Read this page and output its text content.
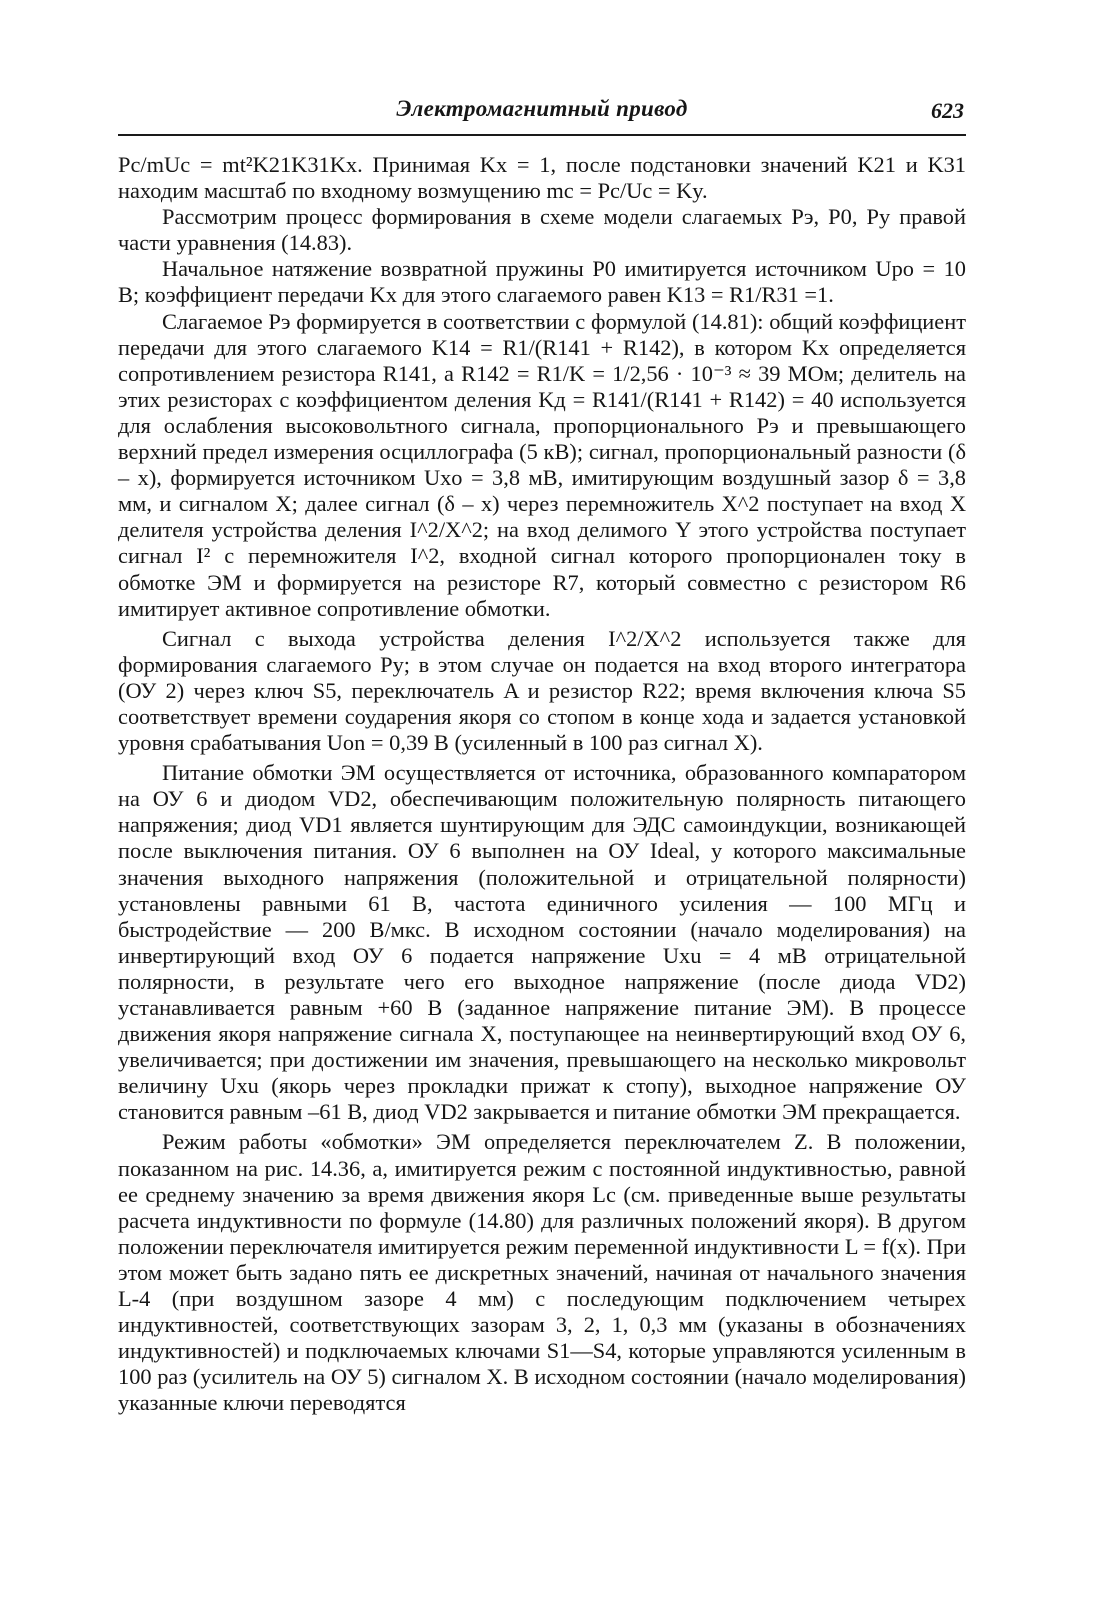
Электромагнитный привод	623

Pc/mUc = mt²K21K31Kx. Принимая Kx = 1, после подстановки значений K21 и K31 находим масштаб по входному возмущению mc = Pc/Uc = Ky.

Рассмотрим процесс формирования в схеме модели слагаемых Pэ, P0, Py правой части уравнения (14.83).

Начальное натяжение возвратной пружины P0 имитируется источником Upo = 10 В; коэффициент передачи Kx для этого слагаемого равен K13 = R1/R31 =1.

Слагаемое Pэ формируется в соответствии с формулой (14.81): общий коэффициент передачи для этого слагаемого K14 = R1/(R141 + R142), в котором Kx определяется сопротивлением резистора R141, а R142 = R1/K = 1/2,56 · 10⁻³ ≈ 39 МОм; делитель на этих резисторах с коэффициентом деления Kд = R141/(R141 + R142) = 40 используется для ослабления высоковольтного сигнала, пропорционального Pэ и превышающего верхний предел измерения осциллографа (5 кВ); сигнал, пропорциональный разности (δ – x), формируется источником Uxo = 3,8 мВ, имитирующим воздушный зазор δ = 3,8 мм, и сигналом X; далее сигнал (δ – x) через перемножитель X^2 поступает на вход X делителя устройства деления I^2/X^2; на вход делимого Y этого устройства поступает сигнал I² с перемножителя I^2, входной сигнал которого пропорционален току в обмотке ЭМ и формируется на резисторе R7, который совместно с резистором R6 имитирует активное сопротивление обмотки.

Сигнал с выхода устройства деления I^2/X^2 используется также для формирования слагаемого Py; в этом случае он подается на вход второго интегратора (ОУ 2) через ключ S5, переключатель A и резистор R22; время включения ключа S5 соответствует времени соударения якоря со стопом в конце хода и задается установкой уровня срабатывания Uon = 0,39 В (усиленный в 100 раз сигнал X).

Питание обмотки ЭМ осуществляется от источника, образованного компаратором на ОУ 6 и диодом VD2, обеспечивающим положительную полярность питающего напряжения; диод VD1 является шунтирующим для ЭДС самоиндукции, возникающей после выключения питания. ОУ 6 выполнен на ОУ Ideal, у которого максимальные значения выходного напряжения (положительной и отрицательной полярности) установлены равными 61 В, частота единичного усиления — 100 МГц и быстродействие — 200 В/мкс. В исходном состоянии (начало моделирования) на инвертирующий вход ОУ 6 подается напряжение Uxu = 4 мВ отрицательной полярности, в результате чего его выходное напряжение (после диода VD2) устанавливается равным +60 В (заданное напряжение питание ЭМ). В процессе движения якоря напряжение сигнала X, поступающее на неинвертирующий вход ОУ 6, увеличивается; при достижении им значения, превышающего на несколько микровольт величину Uxu (якорь через прокладки прижат к стопу), выходное напряжение ОУ становится равным –61 В, диод VD2 закрывается и питание обмотки ЭМ прекращается.

Режим работы «обмотки» ЭМ определяется переключателем Z. В положении, показанном на рис. 14.36, а, имитируется режим с постоянной индуктивностью, равной ее среднему значению за время движения якоря Lc (см. приведенные выше результаты расчета индуктивности по формуле (14.80) для различных положений якоря). В другом положении переключателя имитируется режим переменной индуктивности L = f(x). При этом может быть задано пять ее дискретных значений, начиная от начального значения L-4 (при воздушном зазоре 4 мм) с последующим подключением четырех индуктивностей, соответствующих зазорам 3, 2, 1, 0,3 мм (указаны в обозначениях индуктивностей) и подключаемых ключами S1—S4, которые управляются усиленным в 100 раз (усилитель на ОУ 5) сигналом X. В исходном состоянии (начало моделирования) указанные ключи переводятся
